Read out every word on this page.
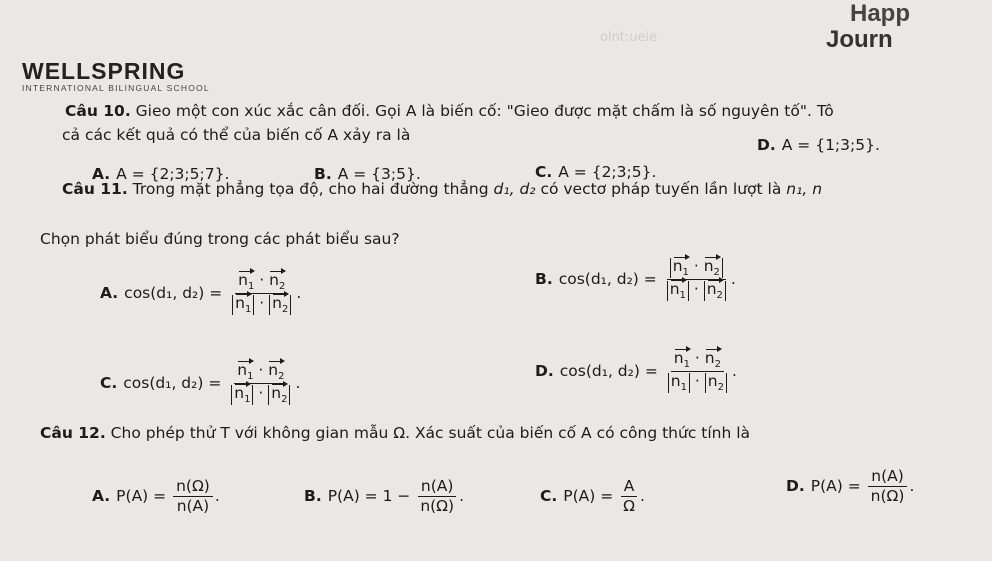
olnt:ueie
WELLSPRING
INTERNATIONAL BILINGUAL SCHOOL
Happ
Journ
Câu 10. Gieo một con xúc xắc cân đối. Gọi A là biến cố: "Gieo được mặt chấm là số nguyên tố". Tô
cả các kết quả có thể của biến cố A xảy ra là
A. A = {2;3;5;7}.	B. A = {3;5}.	C. A = {2;3;5}.
D. A = {1;3;5}.
Câu 11. Trong mặt phẳng tọa độ, cho hai đường thẳng d₁, d₂ có vectơ pháp tuyến lần lượt là n₁, n
Chọn phát biểu đúng trong các phát biểu sau?
A. cos(d₁, $d_2) = \frac{n_1 \cdot n_2}{n_1 \cdot n_2}$ .
B. cos(d₁, $d_2) = \frac{n_1 \cdot n_2}{n_1 \cdot n_2}$ .
C. cos(d₁, $d_2) = \frac{n_1 \cdot n_2}{n_1 \cdot n_2}$ .
D. cos(d₁, $d_2) = \frac{n_1 \cdot n_2}{n_1 \cdot n_2}$ .
Câu 12. Cho phép thử T với không gian mẫu Ω. Xác suất của biến cố A có công thức tính là
A. $P(A) = \frac{n(\Omega)}{n(A)}$ .	B. $P(A) = 1 - \frac{n(A)}{n(\Omega)}$ .	C. $P(A) = \frac{A}{\Omega}$ .
D. $P(A) = \frac{n(A)}{n(\Omega)}$ .
